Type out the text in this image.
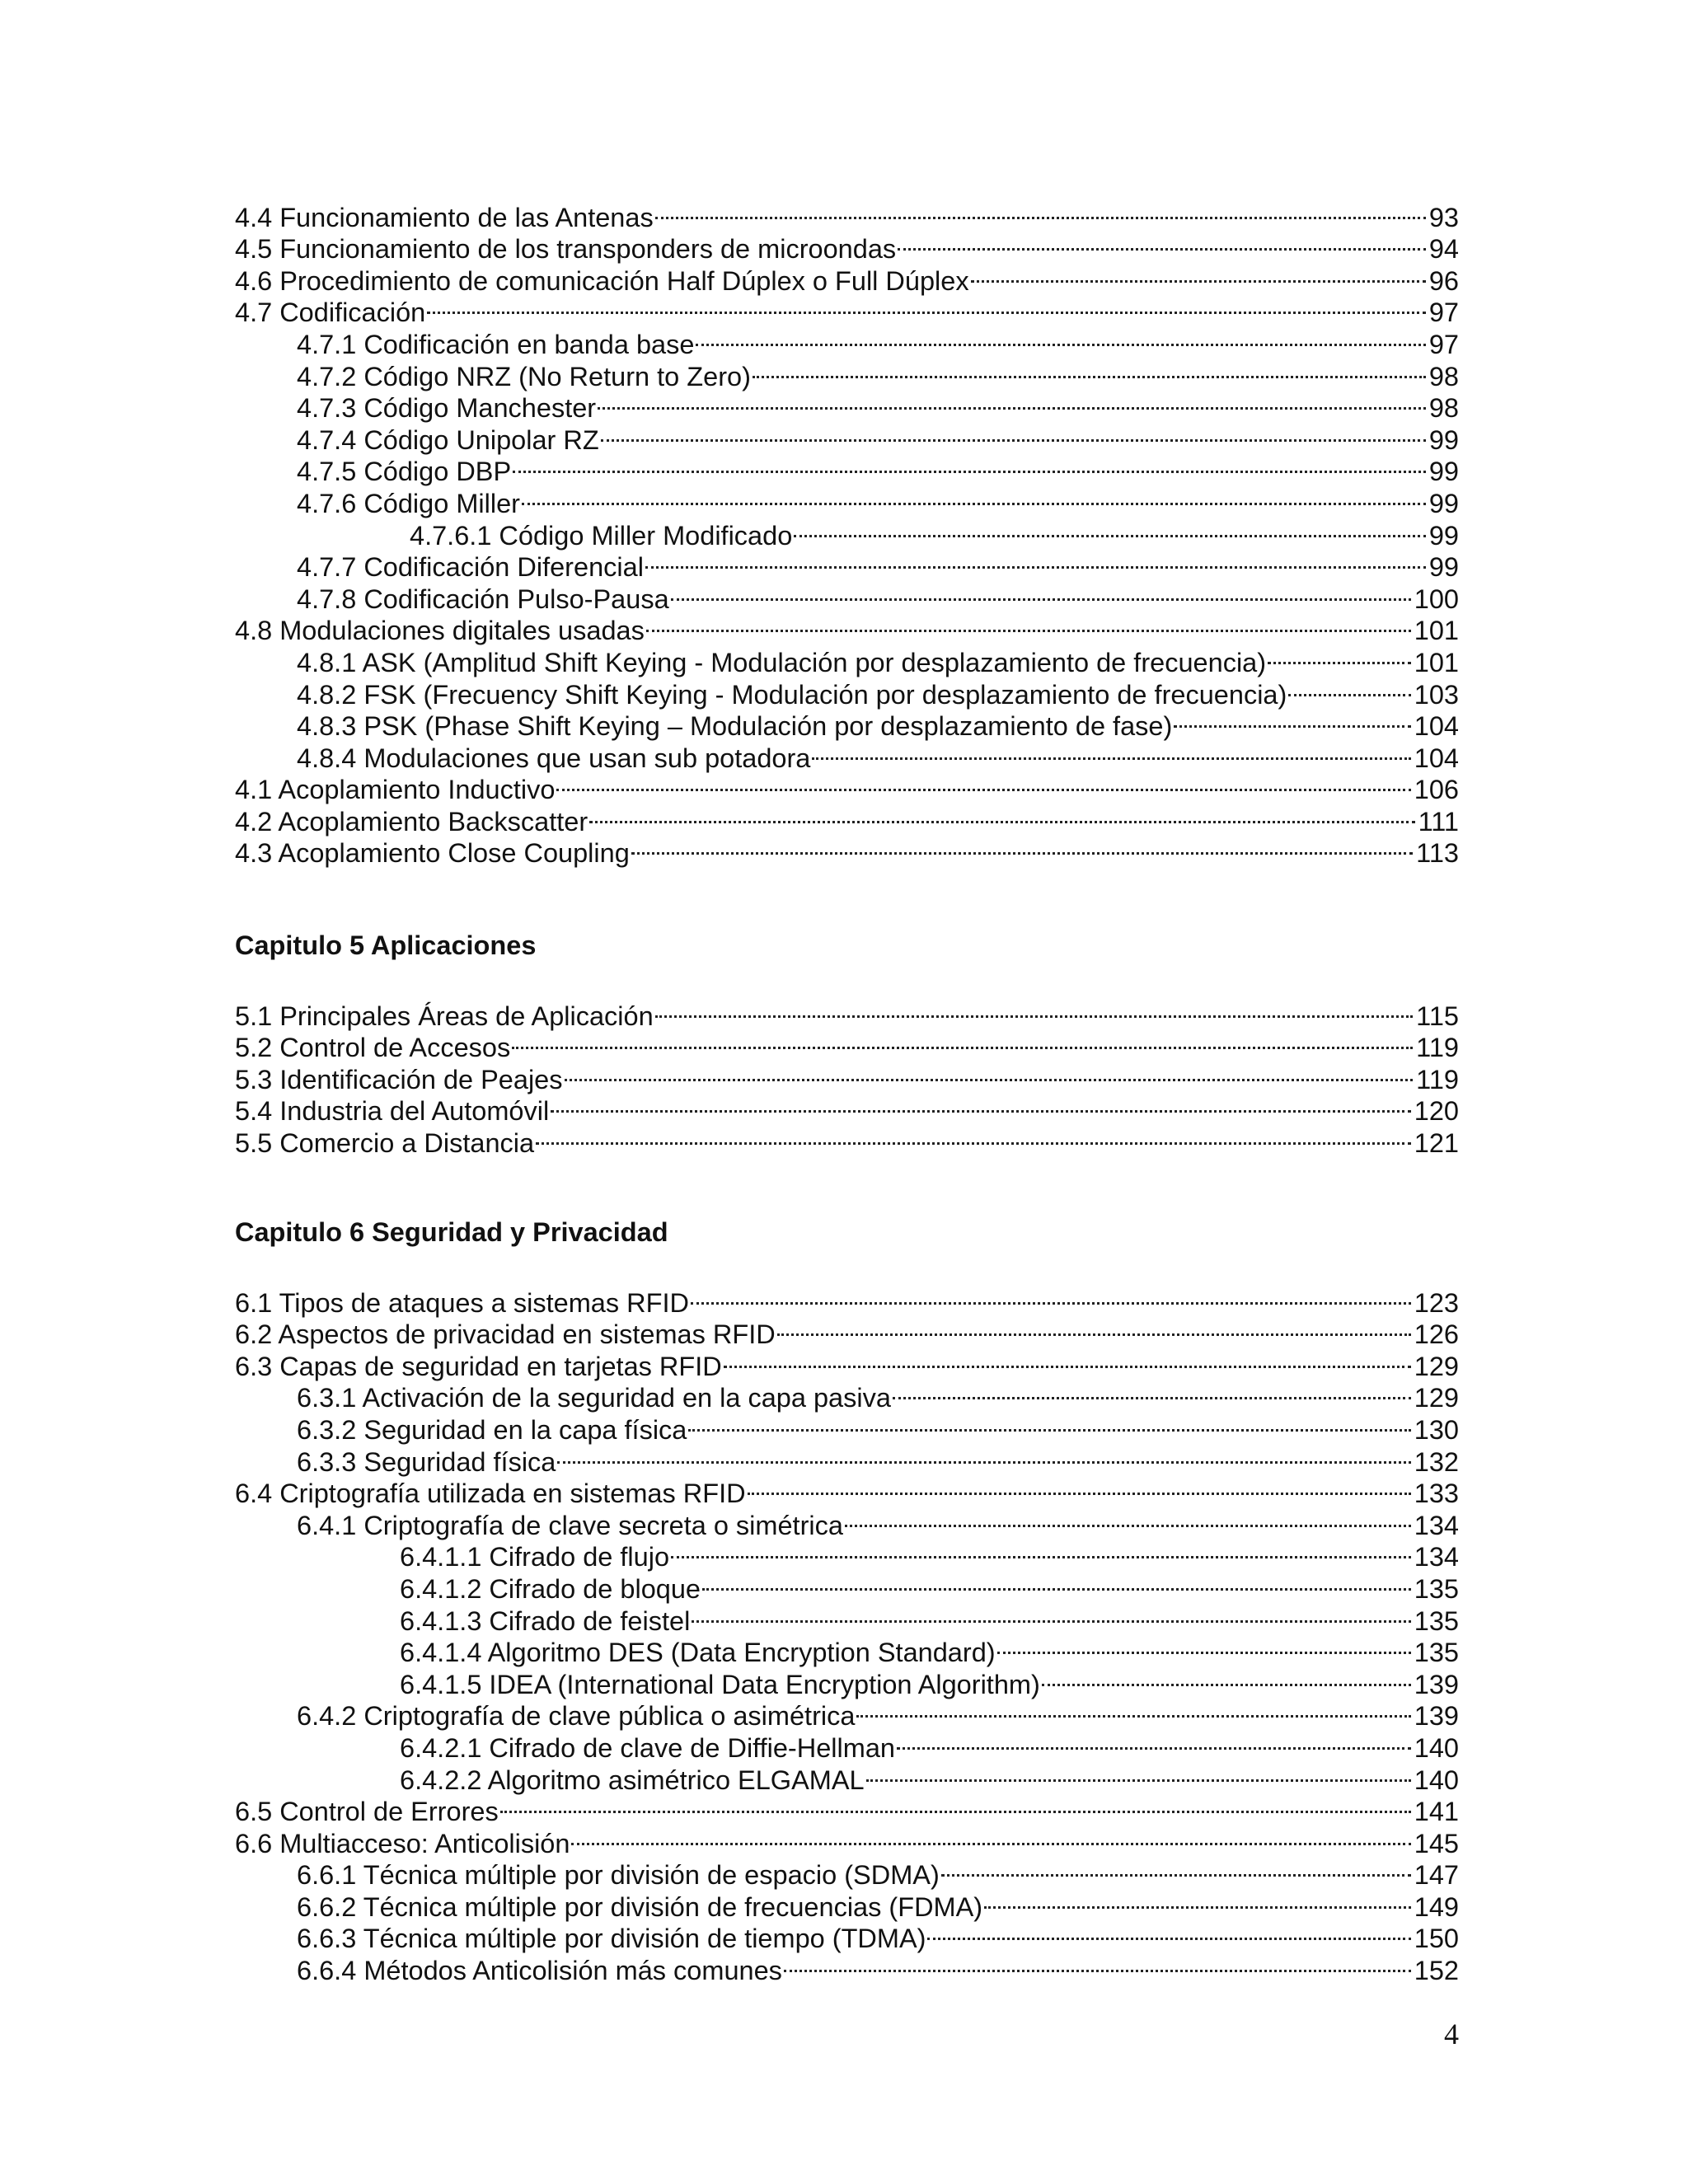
4.4 Funcionamiento de las Antenas	93
4.5 Funcionamiento de los transponders de microondas	94
4.6 Procedimiento de comunicación Half Dúplex o Full Dúplex	96
4.7 Codificación	97
4.7.1 Codificación en banda base	97
4.7.2 Código NRZ (No Return to Zero)	98
4.7.3 Código Manchester	98
4.7.4 Código Unipolar RZ	99
4.7.5 Código DBP	99
4.7.6 Código Miller	99
4.7.6.1 Código Miller Modificado	99
4.7.7 Codificación Diferencial	99
4.7.8 Codificación Pulso-Pausa	100
4.8 Modulaciones digitales usadas	101
4.8.1 ASK (Amplitud Shift Keying - Modulación por desplazamiento de frecuencia)	101
4.8.2 FSK (Frecuency Shift Keying - Modulación por desplazamiento de frecuencia)	103
4.8.3 PSK (Phase Shift Keying – Modulación por desplazamiento de fase)	104
4.8.4 Modulaciones que usan sub potadora	104
4.1 Acoplamiento Inductivo	106
4.2 Acoplamiento Backscatter	111
4.3 Acoplamiento Close Coupling	113
Capitulo 5 Aplicaciones
5.1 Principales Áreas de Aplicación	115
5.2 Control de Accesos	119
5.3 Identificación de Peajes	119
5.4 Industria del Automóvil	120
5.5 Comercio a Distancia	121
Capitulo 6 Seguridad y Privacidad
6.1 Tipos de ataques a sistemas RFID	123
6.2 Aspectos de privacidad en sistemas RFID	126
6.3 Capas de seguridad en tarjetas RFID	129
6.3.1 Activación de la seguridad en la capa pasiva	129
6.3.2 Seguridad en la capa física	130
6.3.3 Seguridad física	132
6.4 Criptografía utilizada en sistemas RFID	133
6.4.1 Criptografía de clave secreta o simétrica	134
6.4.1.1 Cifrado de flujo	134
6.4.1.2 Cifrado de bloque	135
6.4.1.3 Cifrado de feistel	135
6.4.1.4 Algoritmo DES (Data Encryption Standard)	135
6.4.1.5 IDEA (International Data Encryption Algorithm)	139
6.4.2 Criptografía de clave pública o asimétrica	139
6.4.2.1 Cifrado de clave de Diffie-Hellman	140
6.4.2.2 Algoritmo asimétrico ELGAMAL	140
6.5 Control de Errores	141
6.6 Multiacceso: Anticolisión	145
6.6.1 Técnica múltiple por división de espacio (SDMA)	147
6.6.2 Técnica múltiple por división de frecuencias (FDMA)	149
6.6.3 Técnica múltiple por división de tiempo (TDMA)	150
6.6.4 Métodos Anticolisión más comunes	152
4
